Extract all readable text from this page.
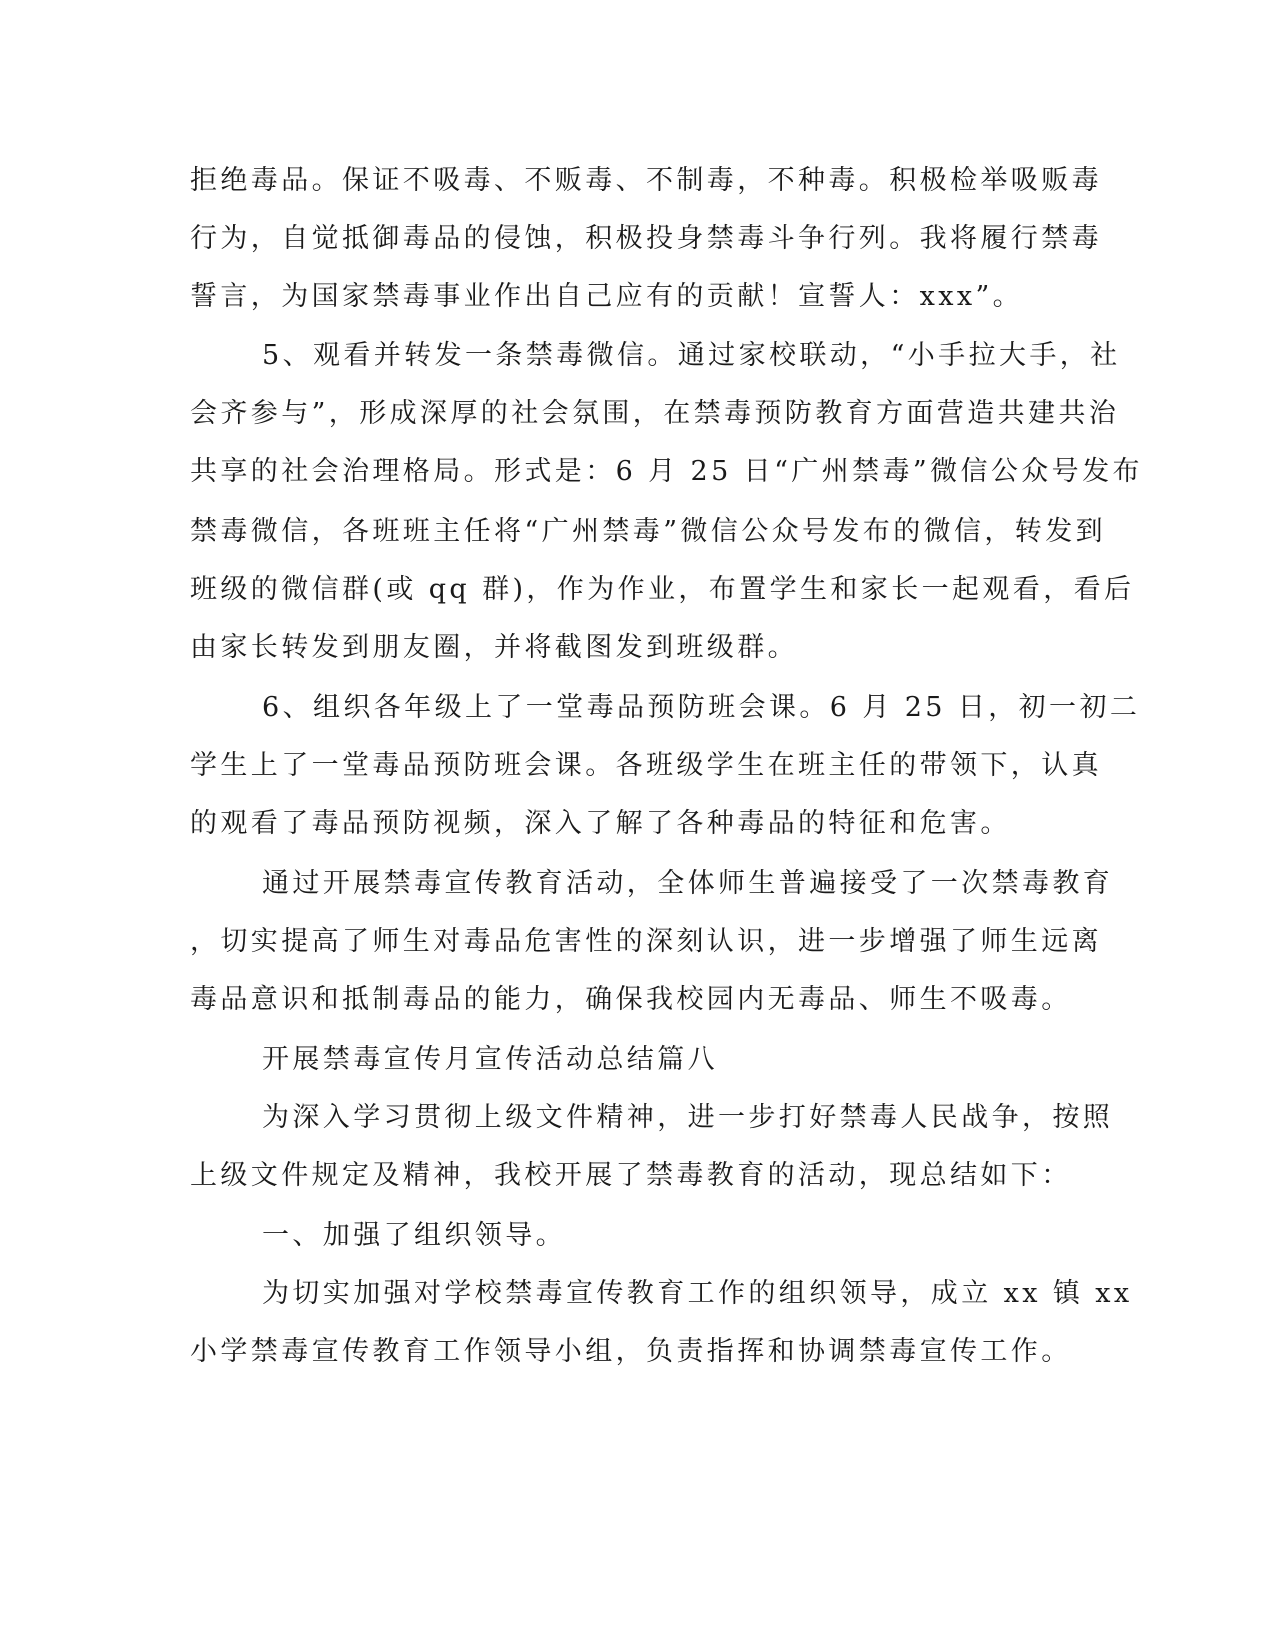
拒绝毒品。保证不吸毒、不贩毒、不制毒，不种毒。积极检举吸贩毒
行为，自觉抵御毒品的侵蚀，积极投身禁毒斗争行列。我将履行禁毒
誓言，为国家禁毒事业作出自己应有的贡献！宣誓人：xxx”。
5、观看并转发一条禁毒微信。通过家校联动，“小手拉大手，社
会齐参与”，形成深厚的社会氛围，在禁毒预防教育方面营造共建共治
共享的社会治理格局。形式是：6 月 25 日“广州禁毒”微信公众号发布
禁毒微信，各班班主任将“广州禁毒”微信公众号发布的微信，转发到
班级的微信群(或 qq 群)，作为作业，布置学生和家长一起观看，看后
由家长转发到朋友圈，并将截图发到班级群。
6、组织各年级上了一堂毒品预防班会课。6 月 25 日，初一初二
学生上了一堂毒品预防班会课。各班级学生在班主任的带领下，认真
的观看了毒品预防视频，深入了解了各种毒品的特征和危害。
通过开展禁毒宣传教育活动，全体师生普遍接受了一次禁毒教育
，切实提高了师生对毒品危害性的深刻认识，进一步增强了师生远离
毒品意识和抵制毒品的能力，确保我校园内无毒品、师生不吸毒。
开展禁毒宣传月宣传活动总结篇八
为深入学习贯彻上级文件精神，进一步打好禁毒人民战争，按照
上级文件规定及精神，我校开展了禁毒教育的活动，现总结如下：
一、加强了组织领导。
为切实加强对学校禁毒宣传教育工作的组织领导，成立 xx 镇 xx
小学禁毒宣传教育工作领导小组，负责指挥和协调禁毒宣传工作。
